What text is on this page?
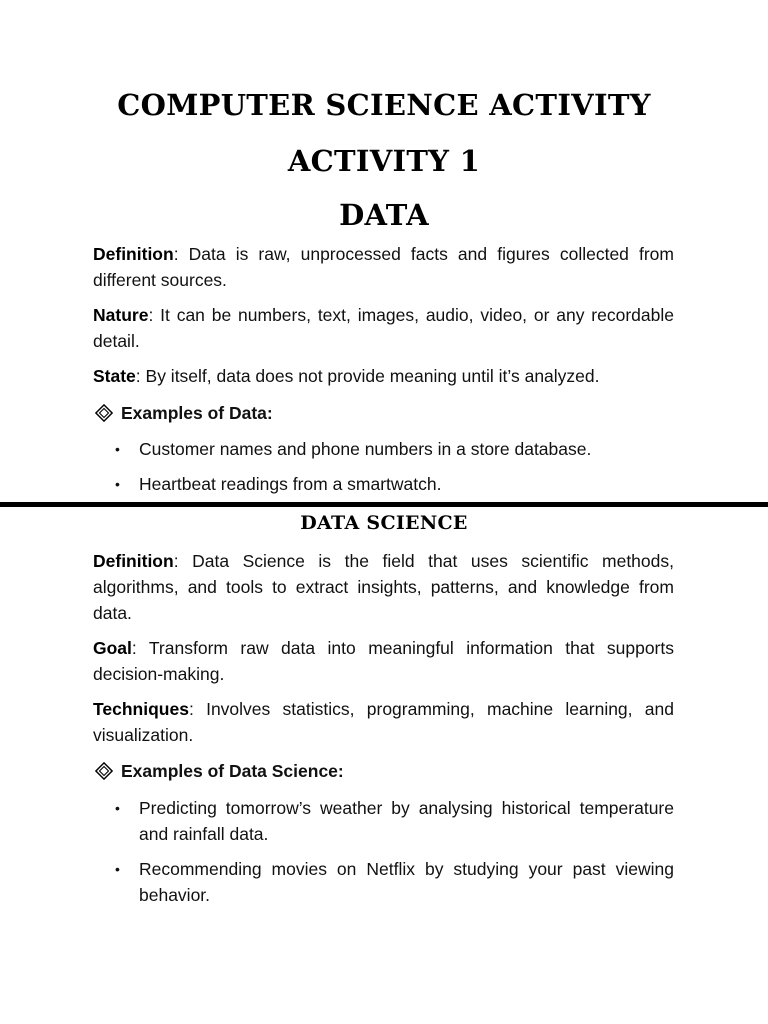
COMPUTER SCIENCE ACTIVITY
ACTIVITY 1
DATA

Definition: Data is raw, unprocessed facts and figures collected from different sources.

Nature: It can be numbers, text, images, audio, video, or any recordable detail.

State: By itself, data does not provide meaning until it’s analyzed.

Examples of Data:
•	Customer names and phone numbers in a store database.
•	Heartbeat readings from a smartwatch.
DATA SCIENCE

Definition: Data Science is the field that uses scientific methods, algorithms, and tools to extract insights, patterns, and knowledge from data.

Goal: Transform raw data into meaningful information that supports decision-making.

Techniques: Involves statistics, programming, machine learning, and visualization.

Examples of Data Science:
•	Predicting tomorrow’s weather by analysing historical temperature and rainfall data.
•	Recommending movies on Netflix by studying your past viewing behavior.
